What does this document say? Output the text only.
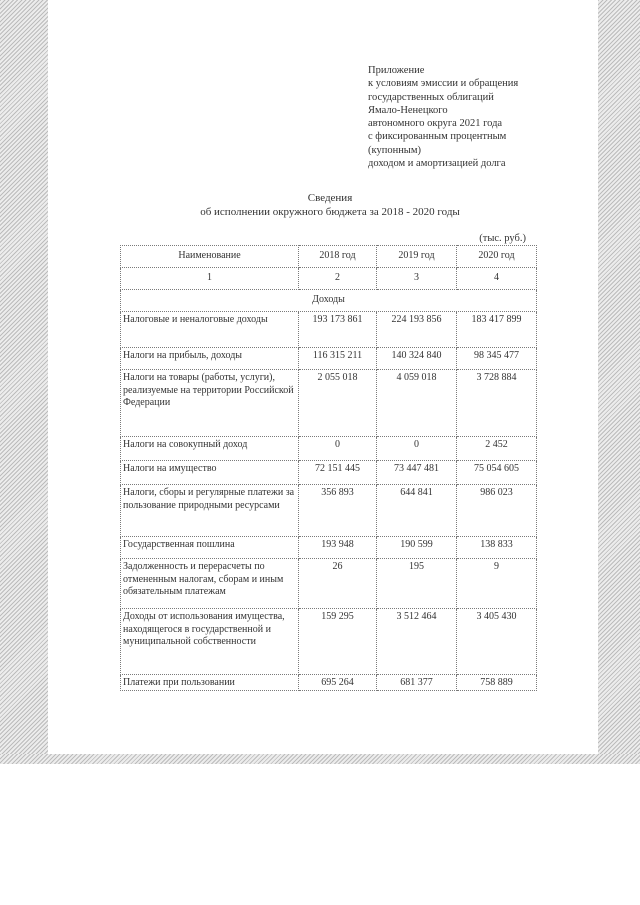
Приложение
к условиям эмиссии и обращения
государственных облигаций
Ямало-Ненецкого
автономного округа 2021 года
с фиксированным процентным
(купонным)
доходом и амортизацией долга
Сведения
об исполнении окружного бюджета за 2018 - 2020 годы
(тыс. руб.)
Наименование	2018 год	2019 год	2020 год
1	2	3	4
Доходы			
Налоговые и неналоговые доходы	193 173 861	224 193 856	183 417 899
Налоги на прибыль, доходы	116 315 211	140 324 840	98 345 477
Налоги на товары (работы, услуги), реализуемые на территории Российской Федерации	2 055 018	4 059 018	3 728 884
Налоги на совокупный доход	0	0	2 452
Налоги на имущество	72 151 445	73 447 481	75 054 605
Налоги, сборы и регулярные платежи за пользование природными ресурсами	356 893	644 841	986 023
Государственная пошлина	193 948	190 599	138 833
Задолженность и перерасчеты по отмененным налогам, сборам и иным обязательным платежам	26	195	9
Доходы от использования имущества, находящегося в государственной и муниципальной собственности	159 295	3 512 464	3 405 430
Платежи при пользовании	695 264	681 377	758 889
